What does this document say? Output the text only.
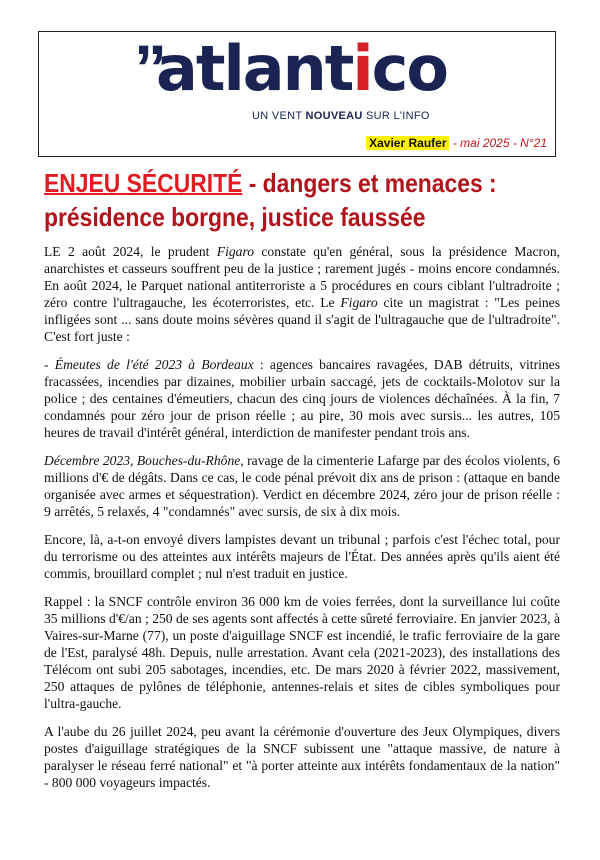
”
atlantico
UN VENT NOUVEAU SUR L'INFO
Xavier Raufer - mai 2025 - N°21
ENJEU SÉCURITÉ - dangers et menaces : présidence borgne, justice faussée

LE 2 août 2024, le prudent Figaro constate qu'en général, sous la présidence Macron, anarchistes et casseurs souffrent peu de la justice ; rarement jugés - moins encore condamnés. En août 2024, le Parquet national antiterroriste a 5 procédures en cours ciblant l'ultradroite ; zéro contre l'ultragauche, les écoterroristes, etc. Le Figaro cite un magistrat : "Les peines infligées sont ... sans doute moins sévères quand il s'agit de l'ultragauche que de l'ultradroite". C'est fort juste :

- Émeutes de l'été 2023 à Bordeaux : agences bancaires ravagées, DAB détruits, vitrines fracassées, incendies par dizaines, mobilier urbain saccagé, jets de cocktails-Molotov sur la police ; des centaines d'émeutiers, chacun des cinq jours de violences déchaînées. À la fin, 7 condamnés pour zéro jour de prison réelle ; au pire, 30 mois avec sursis... les autres, 105 heures de travail d'intérêt général, interdiction de manifester pendant trois ans.

Décembre 2023, Bouches-du-Rhône, ravage de la cimenterie Lafarge par des écolos violents, 6 millions d'€ de dégâts. Dans ce cas, le code pénal prévoit dix ans de prison : (attaque en bande organisée avec armes et séquestration). Verdict en décembre 2024, zéro jour de prison réelle : 9 arrêtés, 5 relaxés, 4 "condamnés" avec sursis, de six à dix mois.

Encore, là, a-t-on envoyé divers lampistes devant un tribunal ; parfois c'est l'échec total, pour du terrorisme ou des atteintes aux intérêts majeurs de l'État. Des années après qu'ils aient été commis, brouillard complet ; nul n'est traduit en justice.

Rappel : la SNCF contrôle environ 36 000 km de voies ferrées, dont la surveillance lui coûte 35 millions d'€/an ; 250 de ses agents sont affectés à cette sûreté ferroviaire. En janvier 2023, à Vaires-sur-Marne (77), un poste d'aiguillage SNCF est incendié, le trafic ferroviaire de la gare de l'Est, paralysé 48h. Depuis, nulle arrestation. Avant cela (2021-2023), des installations des Télécom ont subi 205 sabotages, incendies, etc. De mars 2020 à février 2022, massivement, 250 attaques de pylônes de téléphonie, antennes-relais et sites de cibles symboliques pour l'ultra-gauche.

A l'aube du 26 juillet 2024, peu avant la cérémonie d'ouverture des Jeux Olympiques, divers postes d'aiguillage stratégiques de la SNCF subissent une "attaque massive, de nature à paralyser le réseau ferré national" et "à porter atteinte aux intérêts fondamentaux de la nation" - 800 000 voyageurs impactés.
